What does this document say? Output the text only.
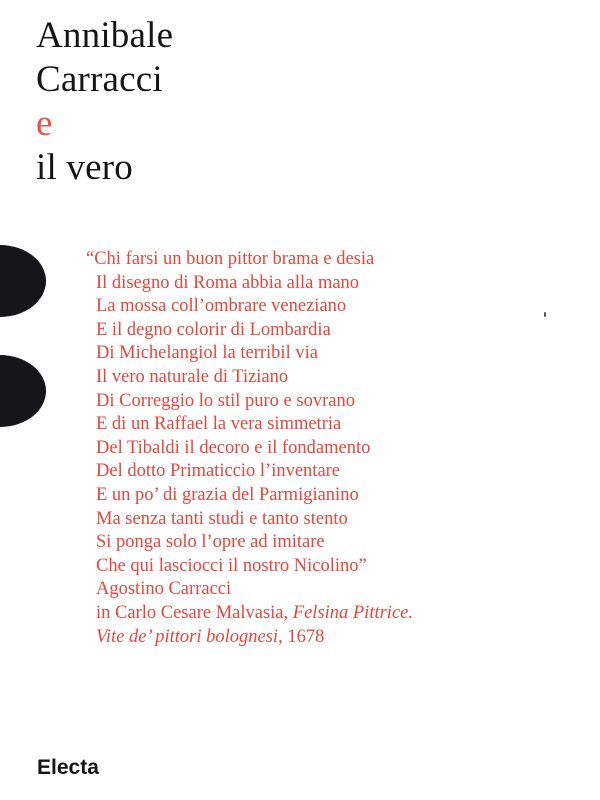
Annibale
Carracci
e
il vero
“Chi farsi un buon pittor brama e desia
Il disegno di Roma abbia alla mano
La mossa coll’ombrare veneziano
E il degno colorir di Lombardia
Di Michelangiol la terribil via
Il vero naturale di Tiziano
Di Correggio lo stil puro e sovrano
E di un Raffael la vera simmetria
Del Tibaldi il decoro e il fondamento
Del dotto Primaticcio l’inventare
E un po’ di grazia del Parmigianino
Ma senza tanti studi e tanto stento
Si ponga solo l’opre ad imitare
Che qui lasciocci il nostro Nicolino”
Agostino Carracci
in Carlo Cesare Malvasia, Felsina Pittrice.
Vite de’ pittori bolognesi, 1678
Electa
